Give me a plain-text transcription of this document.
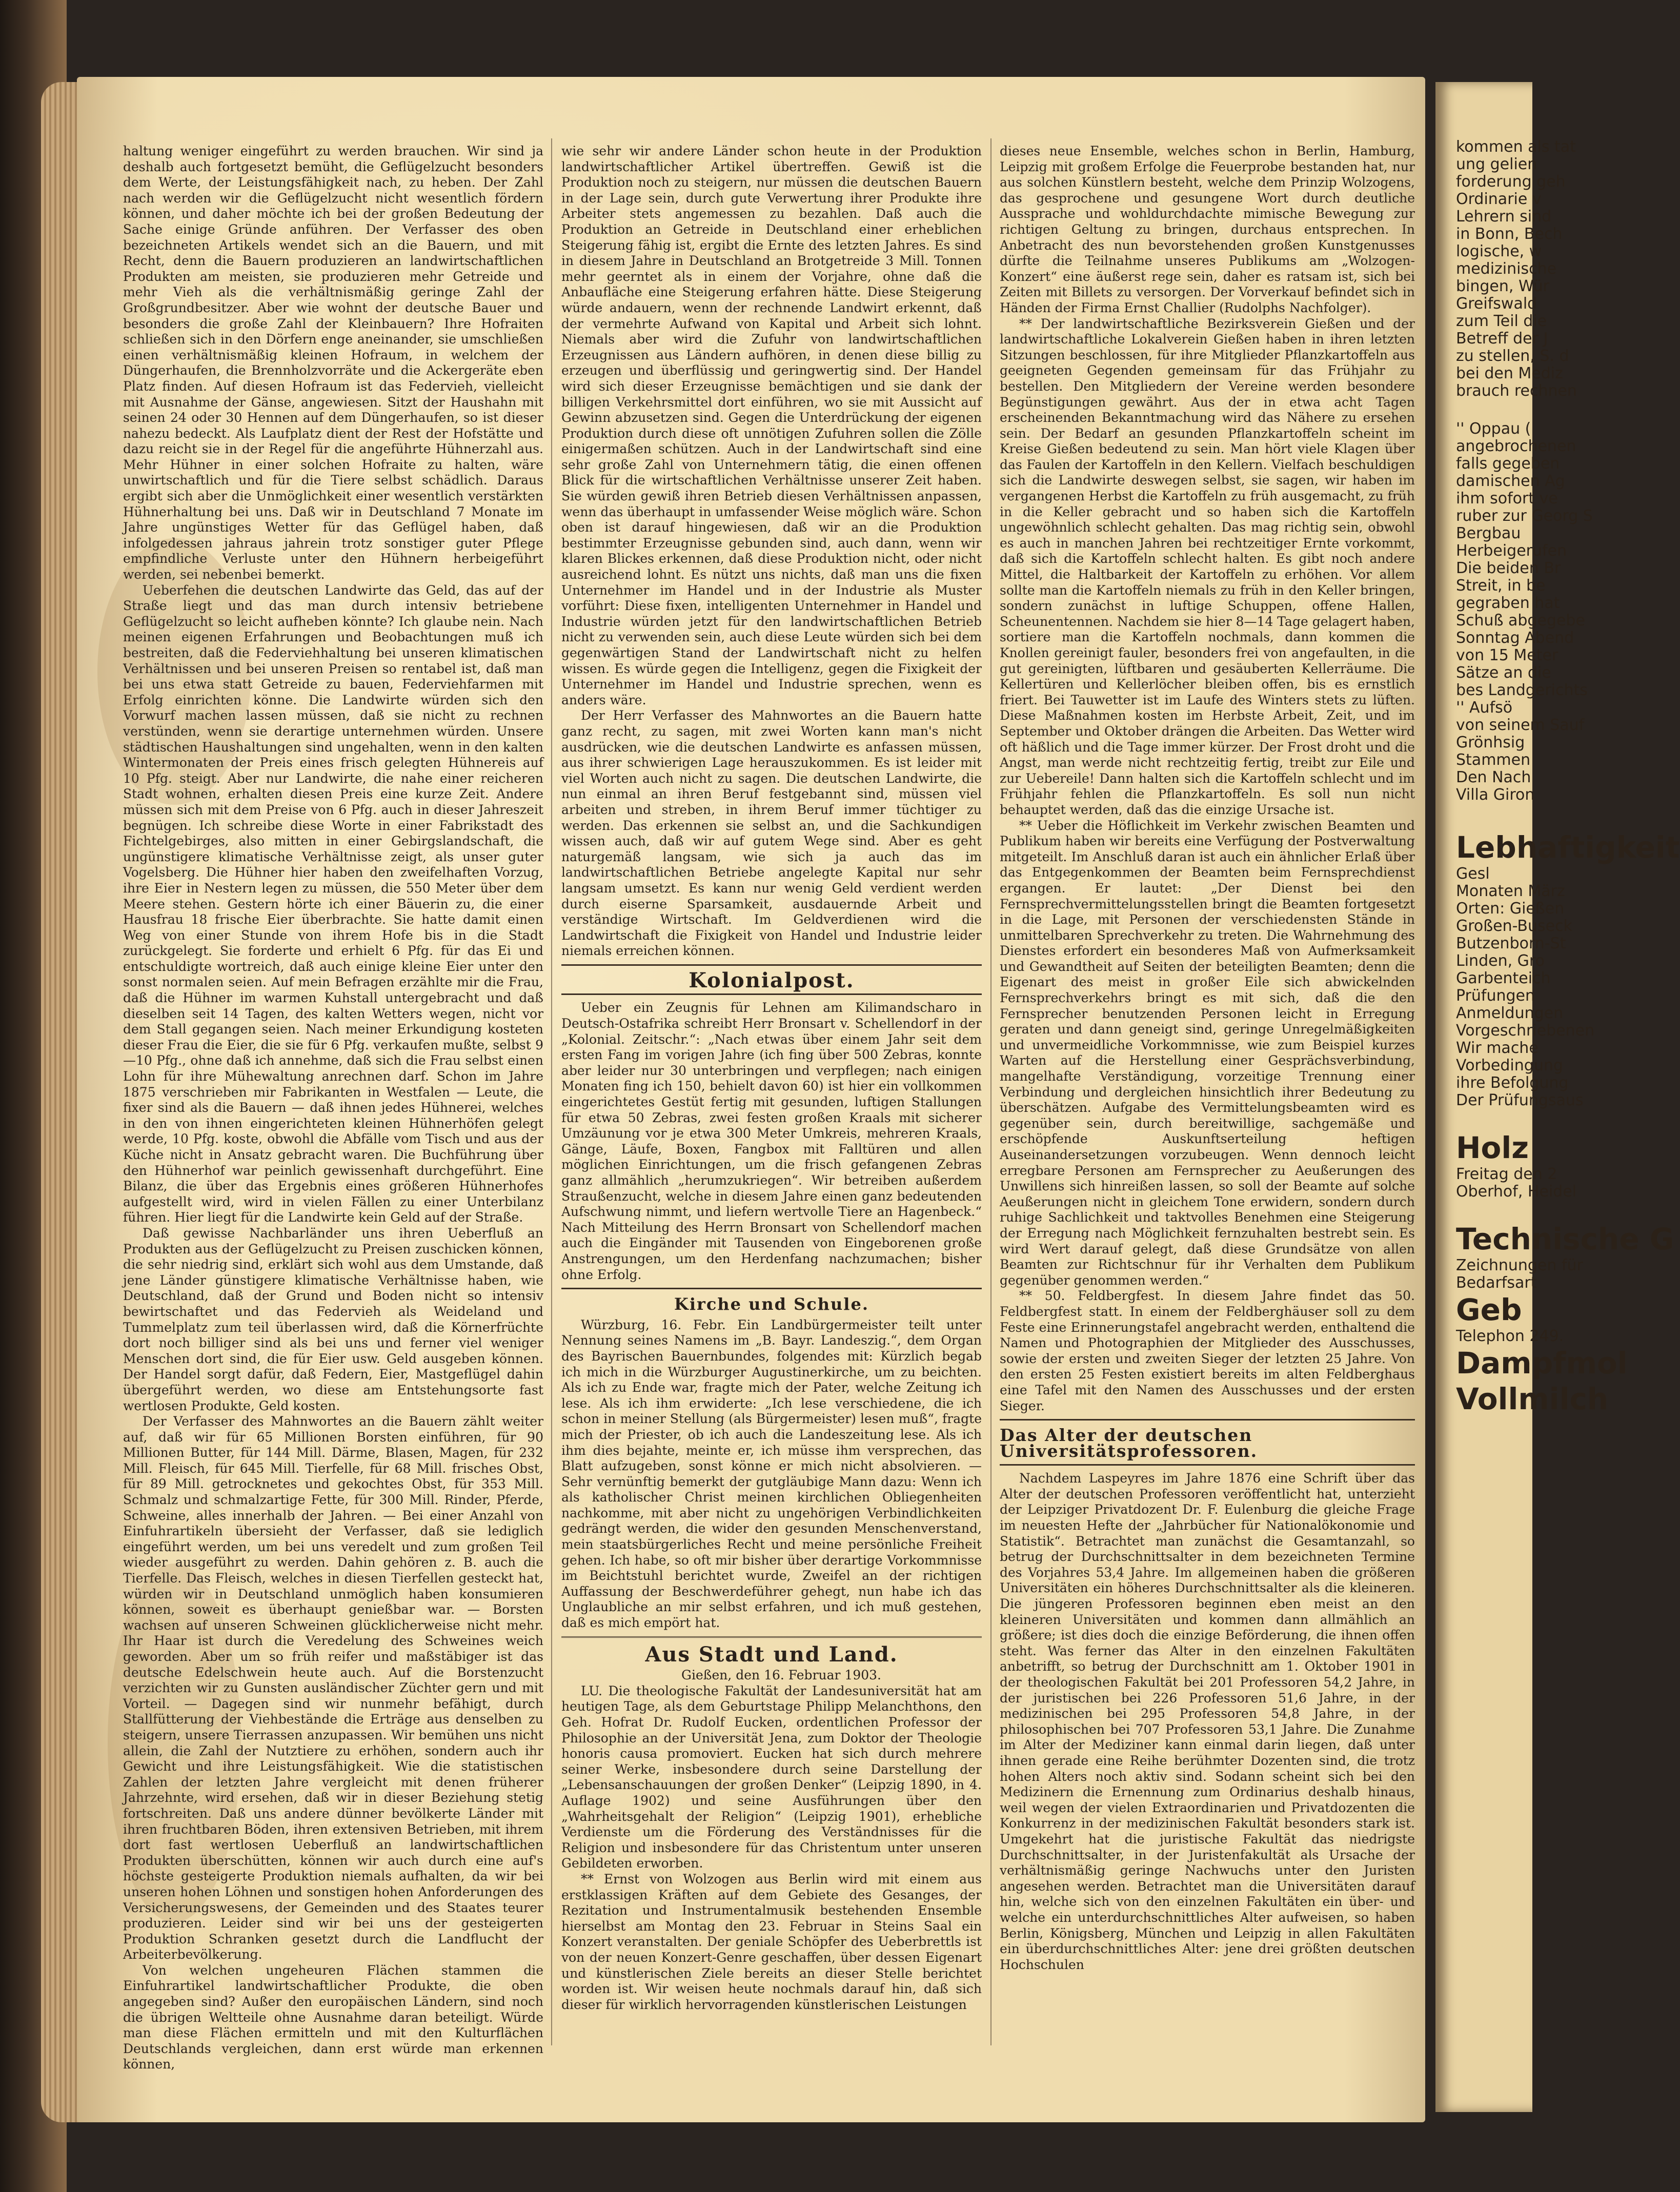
haltung weniger eingeführt zu werden brauchen. Wir sind ja deshalb auch fortgesetzt bemüht, die Geflügelzucht besonders dem Werte, der Leistungsfähigkeit nach, zu heben. Der Zahl nach werden wir die Geflügelzucht nicht wesentlich fördern können, und daher möchte ich bei der großen Bedeutung der Sache einige Gründe anführen. Der Verfasser des oben bezeichneten Artikels wendet sich an die Bauern, und mit Recht, denn die Bauern produzieren an landwirtschaftlichen Produkten am meisten, sie produzieren mehr Getreide und mehr Vieh als die verhältnismäßig geringe Zahl der Großgrundbesitzer. Aber wie wohnt der deutsche Bauer und besonders die große Zahl der Kleinbauern? Ihre Hofraiten schließen sich in den Dörfern enge aneinander, sie umschließen einen verhältnismäßig kleinen Hofraum, in welchem der Düngerhaufen, die Brennholzvorräte und die Ackergeräte eben Platz finden. Auf diesen Hofraum ist das Federvieh, vielleicht mit Ausnahme der Gänse, angewiesen. Sitzt der Haushahn mit seinen 24 oder 30 Hennen auf dem Düngerhaufen, so ist dieser nahezu bedeckt. Als Laufplatz dient der Rest der Hofstätte und dazu reicht sie in der Regel für die angeführte Hühnerzahl aus. Mehr Hühner in einer solchen Hofraite zu halten, wäre unwirtschaftlich und für die Tiere selbst schädlich. Daraus ergibt sich aber die Unmöglichkeit einer wesentlich verstärkten Hühnerhaltung bei uns. Daß wir in Deutschland 7 Monate im Jahre ungünstiges Wetter für das Geflügel haben, daß infolgedessen jahraus jahrein trotz sonstiger guter Pflege empfindliche Verluste unter den Hühnern herbeigeführt werden, sei nebenbei bemerkt.

Ueberfehen die deutschen Landwirte das Geld, das auf der Straße liegt und das man durch intensiv betriebene Geflügelzucht so leicht aufheben könnte? Ich glaube nein. Nach meinen eigenen Erfahrungen und Beobachtungen muß ich bestreiten, daß die Federviehhaltung bei unseren klimatischen Verhältnissen und bei unseren Preisen so rentabel ist, daß man bei uns etwa statt Getreide zu bauen, Federviehfarmen mit Erfolg einrichten könne. Die Landwirte würden sich den Vorwurf machen lassen müssen, daß sie nicht zu rechnen verstünden, wenn sie derartige unternehmen würden. Unsere städtischen Haushaltungen sind ungehalten, wenn in den kalten Wintermonaten der Preis eines frisch gelegten Hühnereis auf 10 Pfg. steigt. Aber nur Landwirte, die nahe einer reicheren Stadt wohnen, erhalten diesen Preis eine kurze Zeit. Andere müssen sich mit dem Preise von 6 Pfg. auch in dieser Jahreszeit begnügen. Ich schreibe diese Worte in einer Fabrikstadt des Fichtelgebirges, also mitten in einer Gebirgslandschaft, die ungünstigere klimatische Verhältnisse zeigt, als unser guter Vogelsberg. Die Hühner hier haben den zweifelhaften Vorzug, ihre Eier in Nestern legen zu müssen, die 550 Meter über dem Meere stehen. Gestern hörte ich einer Bäuerin zu, die einer Hausfrau 18 frische Eier überbrachte. Sie hatte damit einen Weg von einer Stunde von ihrem Hofe bis in die Stadt zurückgelegt. Sie forderte und erhielt 6 Pfg. für das Ei und entschuldigte wortreich, daß auch einige kleine Eier unter den sonst normalen seien. Auf mein Befragen erzählte mir die Frau, daß die Hühner im warmen Kuhstall untergebracht und daß dieselben seit 14 Tagen, des kalten Wetters wegen, nicht vor dem Stall gegangen seien. Nach meiner Erkundigung kosteten dieser Frau die Eier, die sie für 6 Pfg. verkaufen mußte, selbst 9—10 Pfg., ohne daß ich annehme, daß sich die Frau selbst einen Lohn für ihre Mühewaltung anrechnen darf. Schon im Jahre 1875 verschrieben mir Fabrikanten in Westfalen — Leute, die fixer sind als die Bauern — daß ihnen jedes Hühnerei, welches in den von ihnen eingerichteten kleinen Hühnerhöfen gelegt werde, 10 Pfg. koste, obwohl die Abfälle vom Tisch und aus der Küche nicht in Ansatz gebracht waren. Die Buchführung über den Hühnerhof war peinlich gewissenhaft durchgeführt. Eine Bilanz, die über das Ergebnis eines größeren Hühnerhofes aufgestellt wird, wird in vielen Fällen zu einer Unterbilanz führen. Hier liegt für die Landwirte kein Geld auf der Straße.

Daß gewisse Nachbarländer uns ihren Ueberfluß an Produkten aus der Geflügelzucht zu Preisen zuschicken können, die sehr niedrig sind, erklärt sich wohl aus dem Umstande, daß jene Länder günstigere klimatische Verhältnisse haben, wie Deutschland, daß der Grund und Boden nicht so intensiv bewirtschaftet und das Federvieh als Weideland und Tummelplatz zum teil überlassen wird, daß die Körnerfrüchte dort noch billiger sind als bei uns und ferner viel weniger Menschen dort sind, die für Eier usw. Geld ausgeben können. Der Handel sorgt dafür, daß Federn, Eier, Mastgeflügel dahin übergeführt werden, wo diese am Entstehungsorte fast wertlosen Produkte, Geld kosten.

Der Verfasser des Mahnwortes an die Bauern zählt weiter auf, daß wir für 65 Millionen Borsten einführen, für 90 Millionen Butter, für 144 Mill. Därme, Blasen, Magen, für 232 Mill. Fleisch, für 645 Mill. Tierfelle, für 68 Mill. frisches Obst, für 89 Mill. getrocknetes und gekochtes Obst, für 353 Mill. Schmalz und schmalzartige Fette, für 300 Mill. Rinder, Pferde, Schweine, alles innerhalb der Jahren. — Bei einer Anzahl von Einfuhrartikeln übersieht der Verfasser, daß sie lediglich eingeführt werden, um bei uns veredelt und zum großen Teil wieder ausgeführt zu werden. Dahin gehören z. B. auch die Tierfelle. Das Fleisch, welches in diesen Tierfellen gesteckt hat, würden wir in Deutschland unmöglich haben konsumieren können, soweit es überhaupt genießbar war. — Borsten wachsen auf unseren Schweinen glücklicherweise nicht mehr. Ihr Haar ist durch die Veredelung des Schweines weich geworden. Aber um so früh reifer und maßstäbiger ist das deutsche Edelschwein heute auch. Auf die Borstenzucht verzichten wir zu Gunsten ausländischer Züchter gern und mit Vorteil. — Dagegen sind wir nunmehr befähigt, durch Stallfütterung der Viehbestände die Erträge aus denselben zu steigern, unsere Tierrassen anzupassen. Wir bemühen uns nicht allein, die Zahl der Nutztiere zu erhöhen, sondern auch ihr Gewicht und ihre Leistungsfähigkeit. Wie die statistischen Zahlen der letzten Jahre vergleicht mit denen früherer Jahrzehnte, wird ersehen, daß wir in dieser Beziehung stetig fortschreiten. Daß uns andere dünner bevölkerte Länder mit ihren fruchtbaren Böden, ihren extensiven Betrieben, mit ihrem dort fast wertlosen Ueberfluß an landwirtschaftlichen Produkten überschütten, können wir auch durch eine auf's höchste gesteigerte Produktion niemals aufhalten, da wir bei unseren hohen Löhnen und sonstigen hohen Anforderungen des Versicherungswesens, der Gemeinden und des Staates teurer produzieren. Leider sind wir bei uns der gesteigerten Produktion Schranken gesetzt durch die Landflucht der Arbeiterbevölkerung.

Von welchen ungeheuren Flächen stammen die Einfuhrartikel landwirtschaftlicher Produkte, die oben angegeben sind? Außer den europäischen Ländern, sind noch die übrigen Weltteile ohne Ausnahme daran beteiligt. Würde man diese Flächen ermitteln und mit den Kulturflächen Deutschlands vergleichen, dann erst würde man erkennen können,

wie sehr wir andere Länder schon heute in der Produktion landwirtschaftlicher Artikel übertreffen. Gewiß ist die Produktion noch zu steigern, nur müssen die deutschen Bauern in der Lage sein, durch gute Verwertung ihrer Produkte ihre Arbeiter stets angemessen zu bezahlen. Daß auch die Produktion an Getreide in Deutschland einer erheblichen Steigerung fähig ist, ergibt die Ernte des letzten Jahres. Es sind in diesem Jahre in Deutschland an Brotgetreide 3 Mill. Tonnen mehr geerntet als in einem der Vorjahre, ohne daß die Anbaufläche eine Steigerung erfahren hätte. Diese Steigerung würde andauern, wenn der rechnende Landwirt erkennt, daß der vermehrte Aufwand von Kapital und Arbeit sich lohnt. Niemals aber wird die Zufuhr von landwirtschaftlichen Erzeugnissen aus Ländern aufhören, in denen diese billig zu erzeugen und überflüssig und geringwertig sind. Der Handel wird sich dieser Erzeugnisse bemächtigen und sie dank der billigen Verkehrsmittel dort einführen, wo sie mit Aussicht auf Gewinn abzusetzen sind. Gegen die Unterdrückung der eigenen Produktion durch diese oft unnötigen Zufuhren sollen die Zölle einigermaßen schützen. Auch in der Landwirtschaft sind eine sehr große Zahl von Unternehmern tätig, die einen offenen Blick für die wirtschaftlichen Verhältnisse unserer Zeit haben. Sie würden gewiß ihren Betrieb diesen Verhältnissen anpassen, wenn das überhaupt in umfassender Weise möglich wäre. Schon oben ist darauf hingewiesen, daß wir an die Produktion bestimmter Erzeugnisse gebunden sind, auch dann, wenn wir klaren Blickes erkennen, daß diese Produktion nicht, oder nicht ausreichend lohnt. Es nützt uns nichts, daß man uns die fixen Unternehmer im Handel und in der Industrie als Muster vorführt: Diese fixen, intelligenten Unternehmer in Handel und Industrie würden jetzt für den landwirtschaftlichen Betrieb nicht zu verwenden sein, auch diese Leute würden sich bei dem gegenwärtigen Stand der Landwirtschaft nicht zu helfen wissen. Es würde gegen die Intelligenz, gegen die Fixigkeit der Unternehmer im Handel und Industrie sprechen, wenn es anders wäre.

Der Herr Verfasser des Mahnwortes an die Bauern hatte ganz recht, zu sagen, mit zwei Worten kann man's nicht ausdrücken, wie die deutschen Landwirte es anfassen müssen, aus ihrer schwierigen Lage herauszukommen. Es ist leider mit viel Worten auch nicht zu sagen. Die deutschen Landwirte, die nun einmal an ihren Beruf festgebannt sind, müssen viel arbeiten und streben, in ihrem Beruf immer tüchtiger zu werden. Das erkennen sie selbst an, und die Sachkundigen wissen auch, daß wir auf gutem Wege sind. Aber es geht naturgemäß langsam, wie sich ja auch das im landwirtschaftlichen Betriebe angelegte Kapital nur sehr langsam umsetzt. Es kann nur wenig Geld verdient werden durch eiserne Sparsamkeit, ausdauernde Arbeit und verständige Wirtschaft. Im Geldverdienen wird die Landwirtschaft die Fixigkeit von Handel und Industrie leider niemals erreichen können.

Kolonialpost.

Ueber ein Zeugnis für Lehnen am Kilimandscharo in Deutsch-Ostafrika schreibt Herr Bronsart v. Schellendorf in der „Kolonial. Zeitschr.“: „Nach etwas über einem Jahr seit dem ersten Fang im vorigen Jahre (ich fing über 500 Zebras, konnte aber leider nur 30 unterbringen und verpflegen; nach einigen Monaten fing ich 150, behielt davon 60) ist hier ein vollkommen eingerichtetes Gestüt fertig mit gesunden, luftigen Stallungen für etwa 50 Zebras, zwei festen großen Kraals mit sicherer Umzäunung vor je etwa 300 Meter Umkreis, mehreren Kraals, Gänge, Läufe, Boxen, Fangbox mit Falltüren und allen möglichen Einrichtungen, um die frisch gefangenen Zebras ganz allmählich „herumzukriegen“. Wir betreiben außerdem Straußenzucht, welche in diesem Jahre einen ganz bedeutenden Aufschwung nimmt, und liefern wertvolle Tiere an Hagenbeck.“ Nach Mitteilung des Herrn Bronsart von Schellendorf machen auch die Eingänder mit Tausenden von Eingeborenen große Anstrengungen, um den Herdenfang nachzumachen; bisher ohne Erfolg.

Kirche und Schule.

Würzburg, 16. Febr. Ein Landbürgermeister teilt unter Nennung seines Namens im „B. Bayr. Landeszig.“, dem Organ des Bayrischen Bauernbundes, folgendes mit: Kürzlich begab ich mich in die Würzburger Augustinerkirche, um zu beichten. Als ich zu Ende war, fragte mich der Pater, welche Zeitung ich lese. Als ich ihm erwiderte: „Ich lese verschiedene, die ich schon in meiner Stellung (als Bürgermeister) lesen muß“, fragte mich der Priester, ob ich auch die Landeszeitung lese. Als ich ihm dies bejahte, meinte er, ich müsse ihm versprechen, das Blatt aufzugeben, sonst könne er mich nicht absolvieren. — Sehr vernünftig bemerkt der gutgläubige Mann dazu: Wenn ich als katholischer Christ meinen kirchlichen Obliegenheiten nachkomme, mit aber nicht zu ungehörigen Verbindlichkeiten gedrängt werden, die wider den gesunden Menschenverstand, mein staatsbürgerliches Recht und meine persönliche Freiheit gehen. Ich habe, so oft mir bisher über derartige Vorkommnisse im Beichtstuhl berichtet wurde, Zweifel an der richtigen Auffassung der Beschwerdeführer gehegt, nun habe ich das Unglaubliche an mir selbst erfahren, und ich muß gestehen, daß es mich empört hat.

Aus Stadt und Land.

Gießen, den 16. Februar 1903.

LU. Die theologische Fakultät der Landesuniversität hat am heutigen Tage, als dem Geburtstage Philipp Melanchthons, den Geh. Hofrat Dr. Rudolf Eucken, ordentlichen Professor der Philosophie an der Universität Jena, zum Doktor der Theologie honoris causa promoviert. Eucken hat sich durch mehrere seiner Werke, insbesondere durch seine Darstellung der „Lebensanschauungen der großen Denker“ (Leipzig 1890, in 4. Auflage 1902) und seine Ausführungen über den „Wahrheitsgehalt der Religion“ (Leipzig 1901), erhebliche Verdienste um die Förderung des Verständnisses für die Religion und insbesondere für das Christentum unter unseren Gebildeten erworben.

** Ernst von Wolzogen aus Berlin wird mit einem aus erstklassigen Kräften auf dem Gebiete des Gesanges, der Rezitation und Instrumentalmusik bestehenden Ensemble hierselbst am Montag den 23. Februar in Steins Saal ein Konzert veranstalten. Der geniale Schöpfer des Ueberbrettls ist von der neuen Konzert-Genre geschaffen, über dessen Eigenart und künstlerischen Ziele bereits an dieser Stelle berichtet worden ist. Wir weisen heute nochmals darauf hin, daß sich dieser für wirklich hervorragenden künstlerischen Leistungen

dieses neue Ensemble, welches schon in Berlin, Hamburg, Leipzig mit großem Erfolge die Feuerprobe bestanden hat, nur aus solchen Künstlern besteht, welche dem Prinzip Wolzogens, das gesprochene und gesungene Wort durch deutliche Aussprache und wohldurchdachte mimische Bewegung zur richtigen Geltung zu bringen, durchaus entsprechen. In Anbetracht des nun bevorstehenden großen Kunstgenusses dürfte die Teilnahme unseres Publikums am „Wolzogen-Konzert“ eine äußerst rege sein, daher es ratsam ist, sich bei Zeiten mit Billets zu versorgen. Der Vorverkauf befindet sich in Händen der Firma Ernst Challier (Rudolphs Nachfolger).

** Der landwirtschaftliche Bezirksverein Gießen und der landwirtschaftliche Lokalverein Gießen haben in ihren letzten Sitzungen beschlossen, für ihre Mitglieder Pflanzkartoffeln aus geeigneten Gegenden gemeinsam für das Frühjahr zu bestellen. Den Mitgliedern der Vereine werden besondere Begünstigungen gewährt. Aus der in etwa acht Tagen erscheinenden Bekanntmachung wird das Nähere zu ersehen sein. Der Bedarf an gesunden Pflanzkartoffeln scheint im Kreise Gießen bedeutend zu sein. Man hört viele Klagen über das Faulen der Kartoffeln in den Kellern. Vielfach beschuldigen sich die Landwirte deswegen selbst, sie sagen, wir haben im vergangenen Herbst die Kartoffeln zu früh ausgemacht, zu früh in die Keller gebracht und so haben sich die Kartoffeln ungewöhnlich schlecht gehalten. Das mag richtig sein, obwohl es auch in manchen Jahren bei rechtzeitiger Ernte vorkommt, daß sich die Kartoffeln schlecht halten. Es gibt noch andere Mittel, die Haltbarkeit der Kartoffeln zu erhöhen. Vor allem sollte man die Kartoffeln niemals zu früh in den Keller bringen, sondern zunächst in luftige Schuppen, offene Hallen, Scheunentennen. Nachdem sie hier 8—14 Tage gelagert haben, sortiere man die Kartoffeln nochmals, dann kommen die Knollen gereinigt fauler, besonders frei von angefaulten, in die gut gereinigten, lüftbaren und gesäuberten Kellerräume. Die Kellertüren und Kellerlöcher bleiben offen, bis es ernstlich friert. Bei Tauwetter ist im Laufe des Winters stets zu lüften. Diese Maßnahmen kosten im Herbste Arbeit, Zeit, und im September und Oktober drängen die Arbeiten. Das Wetter wird oft häßlich und die Tage immer kürzer. Der Frost droht und die Angst, man werde nicht rechtzeitig fertig, treibt zur Eile und zur Uebereile! Dann halten sich die Kartoffeln schlecht und im Frühjahr fehlen die Pflanzkartoffeln. Es soll nun nicht behauptet werden, daß das die einzige Ursache ist.

** Ueber die Höflichkeit im Verkehr zwischen Beamten und Publikum haben wir bereits eine Verfügung der Postverwaltung mitgeteilt. Im Anschluß daran ist auch ein ähnlicher Erlaß über das Entgegenkommen der Beamten beim Fernsprechdienst ergangen. Er lautet: „Der Dienst bei den Fernsprechvermittelungsstellen bringt die Beamten fortgesetzt in die Lage, mit Personen der verschiedensten Stände in unmittelbaren Sprechverkehr zu treten. Die Wahrnehmung des Dienstes erfordert ein besonderes Maß von Aufmerksamkeit und Gewandtheit auf Seiten der beteiligten Beamten; denn die Eigenart des meist in großer Eile sich abwickelnden Fernsprechverkehrs bringt es mit sich, daß die den Fernsprecher benutzenden Personen leicht in Erregung geraten und dann geneigt sind, geringe Unregelmäßigkeiten und unvermeidliche Vorkommnisse, wie zum Beispiel kurzes Warten auf die Herstellung einer Gesprächsverbindung, mangelhafte Verständigung, vorzeitige Trennung einer Verbindung und dergleichen hinsichtlich ihrer Bedeutung zu überschätzen. Aufgabe des Vermittelungsbeamten wird es gegenüber sein, durch bereitwillige, sachgemäße und erschöpfende Auskunftserteilung heftigen Auseinandersetzungen vorzubeugen. Wenn dennoch leicht erregbare Personen am Fernsprecher zu Aeußerungen des Unwillens sich hinreißen lassen, so soll der Beamte auf solche Aeußerungen nicht in gleichem Tone erwidern, sondern durch ruhige Sachlichkeit und taktvolles Benehmen eine Steigerung der Erregung nach Möglichkeit fernzuhalten bestrebt sein. Es wird Wert darauf gelegt, daß diese Grundsätze von allen Beamten zur Richtschnur für ihr Verhalten dem Publikum gegenüber genommen werden.“

** 50. Feldbergfest. In diesem Jahre findet das 50. Feldbergfest statt. In einem der Feldberghäuser soll zu dem Feste eine Erinnerungstafel angebracht werden, enthaltend die Namen und Photographien der Mitglieder des Ausschusses, sowie der ersten und zweiten Sieger der letzten 25 Jahre. Von den ersten 25 Festen existiert bereits im alten Feldberghaus eine Tafel mit den Namen des Ausschusses und der ersten Sieger.

Das Alter der deutschen Universitätsprofessoren.

Nachdem Laspeyres im Jahre 1876 eine Schrift über das Alter der deutschen Professoren veröffentlicht hat, unterzieht der Leipziger Privatdozent Dr. F. Eulenburg die gleiche Frage im neuesten Hefte der „Jahrbücher für Nationalökonomie und Statistik“. Betrachtet man zunächst die Gesamtanzahl, so betrug der Durchschnittsalter in dem bezeichneten Termine des Vorjahres 53,4 Jahre. Im allgemeinen haben die größeren Universitäten ein höheres Durchschnittsalter als die kleineren. Die jüngeren Professoren beginnen eben meist an den kleineren Universitäten und kommen dann allmählich an größere; ist dies doch die einzige Beförderung, die ihnen offen steht. Was ferner das Alter in den einzelnen Fakultäten anbetrifft, so betrug der Durchschnitt am 1. Oktober 1901 in der theologischen Fakultät bei 201 Professoren 54,2 Jahre, in der juristischen bei 226 Professoren 51,6 Jahre, in der medizinischen bei 295 Professoren 54,8 Jahre, in der philosophischen bei 707 Professoren 53,1 Jahre. Die Zunahme im Alter der Mediziner kann einmal darin liegen, daß unter ihnen gerade eine Reihe berühmter Dozenten sind, die trotz hohen Alters noch aktiv sind. Sodann scheint sich bei den Medizinern die Ernennung zum Ordinarius deshalb hinaus, weil wegen der vielen Extraordinarien und Privatdozenten die Konkurrenz in der medizinischen Fakultät besonders stark ist. Umgekehrt hat die juristische Fakultät das niedrigste Durchschnittsalter, in der Juristenfakultät als Ursache der verhältnismäßig geringe Nachwuchs unter den Juristen angesehen werden. Betrachtet man die Universitäten darauf hin, welche sich von den einzelnen Fakultäten ein über- und welche ein unterdurchschnittliches Alter aufweisen, so haben Berlin, Königsberg, München und Leipzig in allen Fakultäten ein überdurchschnittliches Alter: jene drei größten deutschen Hochschulen

kommen als tat
ung gelien
forderung geh
Ordinarie v
Lehrern sind
in Bonn, Bech
logische, w
medizinische
bingen, Wür
Greifswald
zum Teil die
Betreff der J
zu stellen, S. d
bei den Mediz
brauch rechnen
'' Oppau (
angebrochenen
falls gegeben
damischen Ag
ihm sofort ve
ruber zur Georg S
Bergbau
Herbeigerufen
Die beiden Br
Streit, in be
gegraben hat
Schuß abgegebe
Sonntag Abend
von 15 Meter
Sätze an die
bes Landgerichts
'' Aufsö
von seinem Sauf
Grönhsig
Stammen
Den Nach
Villa Giron
Lebhaftigkeit
Gesl
Monaten März
Orten: Gießen
Großen-Buseck
Butzenborn-St
Linden, Gro
Garbenteich
Prüfungen
Anmeldungen
Vorgeschriebenen
Wir mache
Vorbedingung
ihre Befolgung
Der Prüfungsaus
Holz
Freitag den 2
Oberhof, Heidel
Technische G
Zeichnungen für
Bedarfsart
Geb
Telephon 249.
Dampfmol
Vollmilch
